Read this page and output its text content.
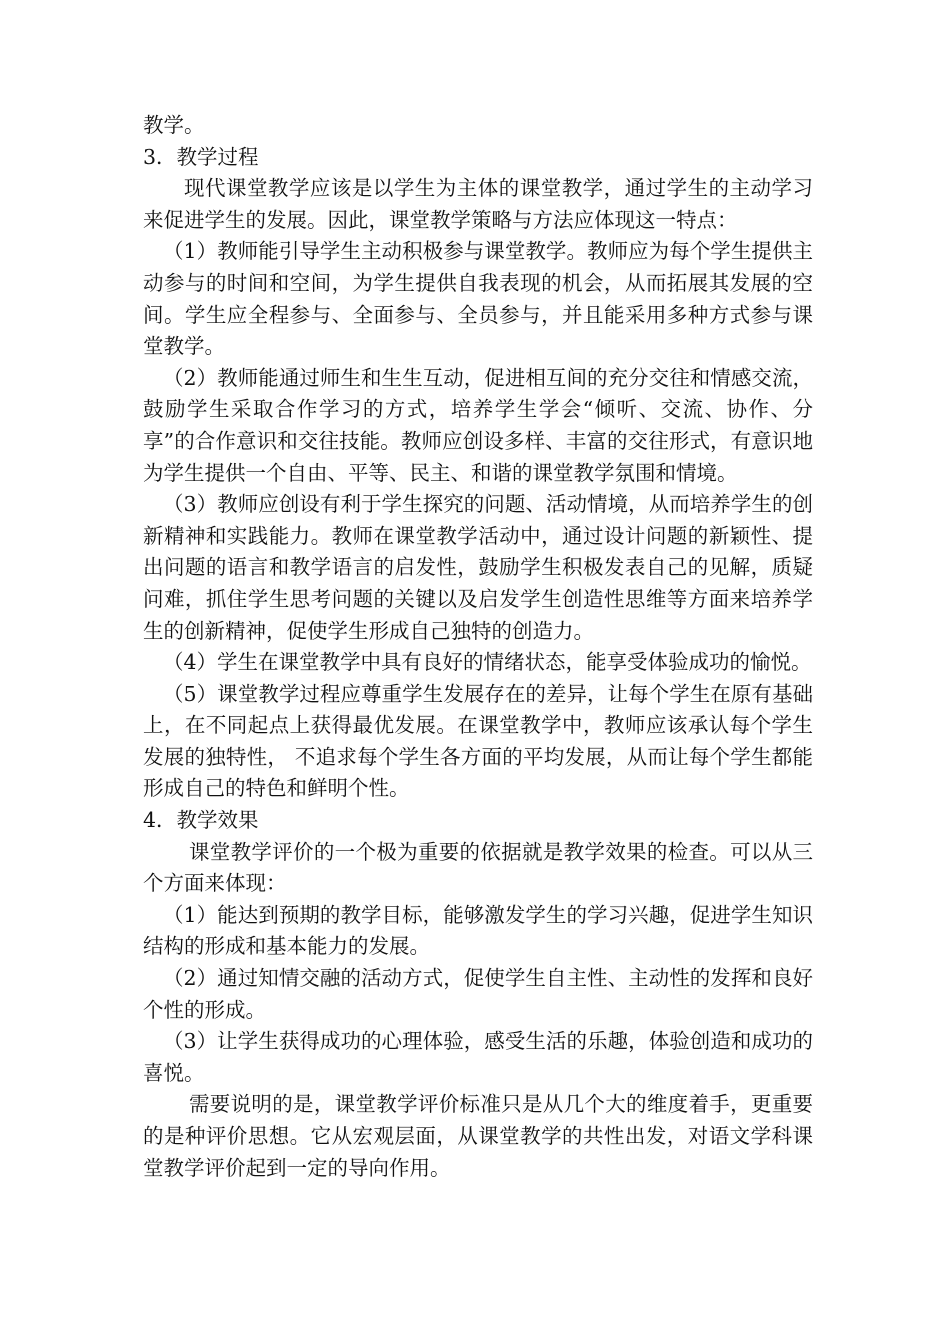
教学。

3．教学过程

现代课堂教学应该是以学生为主体的课堂教学，通过学生的主动学习来促进学生的发展。因此，课堂教学策略与方法应体现这一特点：

（1）教师能引导学生主动积极参与课堂教学。教师应为每个学生提供主动参与的时间和空间，为学生提供自我表现的机会，从而拓展其发展的空间。学生应全程参与、全面参与、全员参与，并且能采用多种方式参与课堂教学。

（2）教师能通过师生和生生互动，促进相互间的充分交往和情感交流，鼓励学生采取合作学习的方式，培养学生学会“倾听、交流、协作、分享”的合作意识和交往技能。教师应创设多样、丰富的交往形式，有意识地为学生提供一个自由、平等、民主、和谐的课堂教学氛围和情境。

（3）教师应创设有利于学生探究的问题、活动情境，从而培养学生的创新精神和实践能力。教师在课堂教学活动中，通过设计问题的新颖性、提出问题的语言和教学语言的启发性，鼓励学生积极发表自己的见解，质疑问难，抓住学生思考问题的关键以及启发学生创造性思维等方面来培养学生的创新精神，促使学生形成自己独特的创造力。

（4）学生在课堂教学中具有良好的情绪状态，能享受体验成功的愉悦。

（5）课堂教学过程应尊重学生发展存在的差异，让每个学生在原有基础上，在不同起点上获得最优发展。在课堂教学中，教师应该承认每个学生发展的独特性， 不追求每个学生各方面的平均发展，从而让每个学生都能形成自己的特色和鲜明个性。

4．教学效果

课堂教学评价的一个极为重要的依据就是教学效果的检查。可以从三个方面来体现：

（1）能达到预期的教学目标，能够激发学生的学习兴趣，促进学生知识结构的形成和基本能力的发展。

（2）通过知情交融的活动方式，促使学生自主性、主动性的发挥和良好个性的形成。

（3）让学生获得成功的心理体验，感受生活的乐趣，体验创造和成功的喜悦。

需要说明的是，课堂教学评价标准只是从几个大的维度着手，更重要的是种评价思想。它从宏观层面，从课堂教学的共性出发，对语文学科课堂教学评价起到一定的导向作用。
